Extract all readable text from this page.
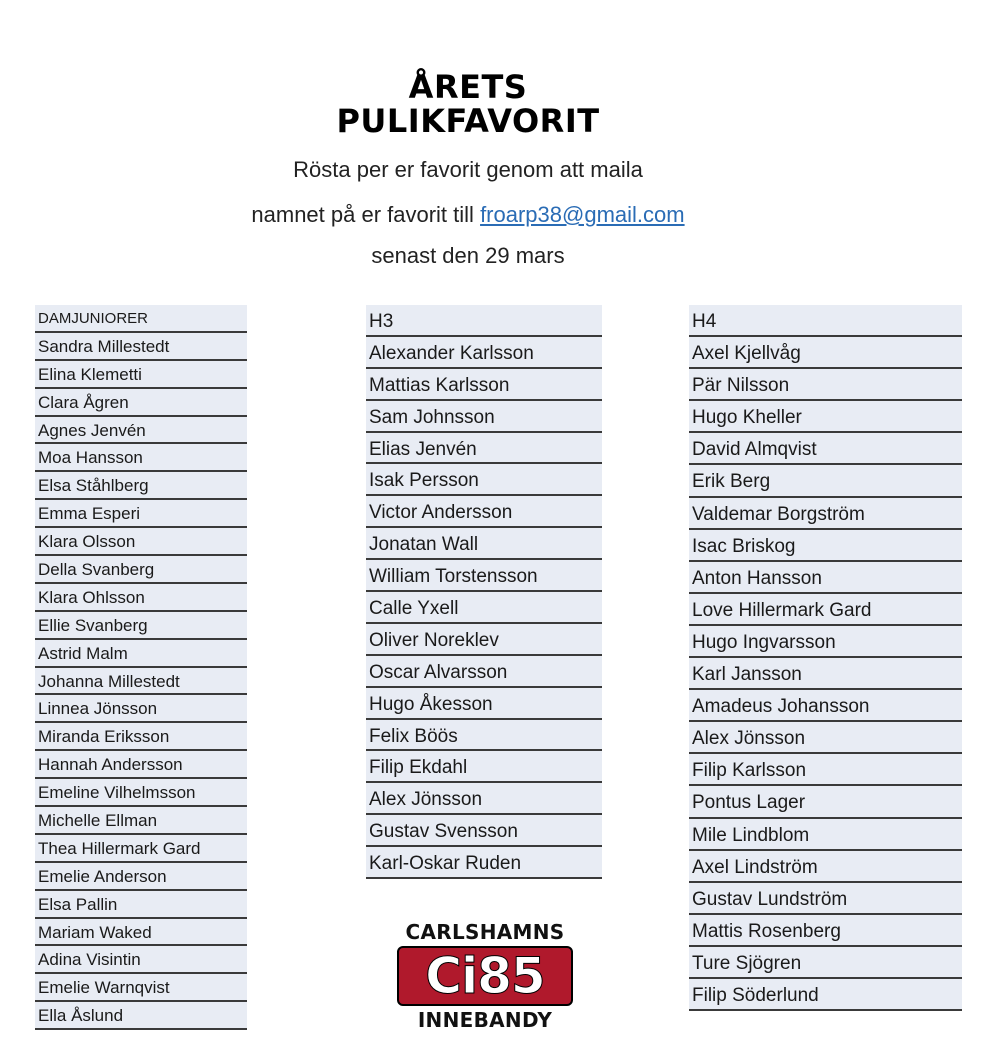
ÅRETS
PULIKFAVORIT
Rösta per er favorit genom att maila
namnet på er favorit till froarp38@gmail.com
senast den 29 mars
DAMJUNIORER
Sandra Millestedt
Elina Klemetti
Clara Ågren
Agnes Jenvén
Moa Hansson
Elsa Ståhlberg
Emma Esperi
Klara Olsson
Della Svanberg
Klara Ohlsson
Ellie Svanberg
Astrid Malm
Johanna Millestedt
Linnea Jönsson
Miranda Eriksson
Hannah Andersson
Emeline Vilhelmsson
Michelle Ellman
Thea Hillermark Gard
Emelie Anderson
Elsa Pallin
Mariam Waked
Adina Visintin
Emelie Warnqvist
Ella Åslund
H3
Alexander Karlsson
Mattias Karlsson
Sam Johnsson
Elias Jenvén
Isak Persson
Victor Andersson
Jonatan Wall
William Torstensson
Calle Yxell
Oliver Noreklev
Oscar Alvarsson
Hugo Åkesson
Felix Böös
Filip Ekdahl
Alex Jönsson
Gustav Svensson
Karl-Oskar Ruden
H4
Axel Kjellvåg
Pär Nilsson
Hugo Kheller
David Almqvist
Erik Berg
Valdemar Borgström
Isac Briskog
Anton Hansson
Love Hillermark Gard
Hugo Ingvarsson
Karl Jansson
Amadeus Johansson
Alex Jönsson
Filip Karlsson
Pontus Lager
Mile Lindblom
Axel Lindström
Gustav Lundström
Mattis Rosenberg
Ture Sjögren
Filip Söderlund
CARLSHAMNS
Ci85
INNEBANDY
